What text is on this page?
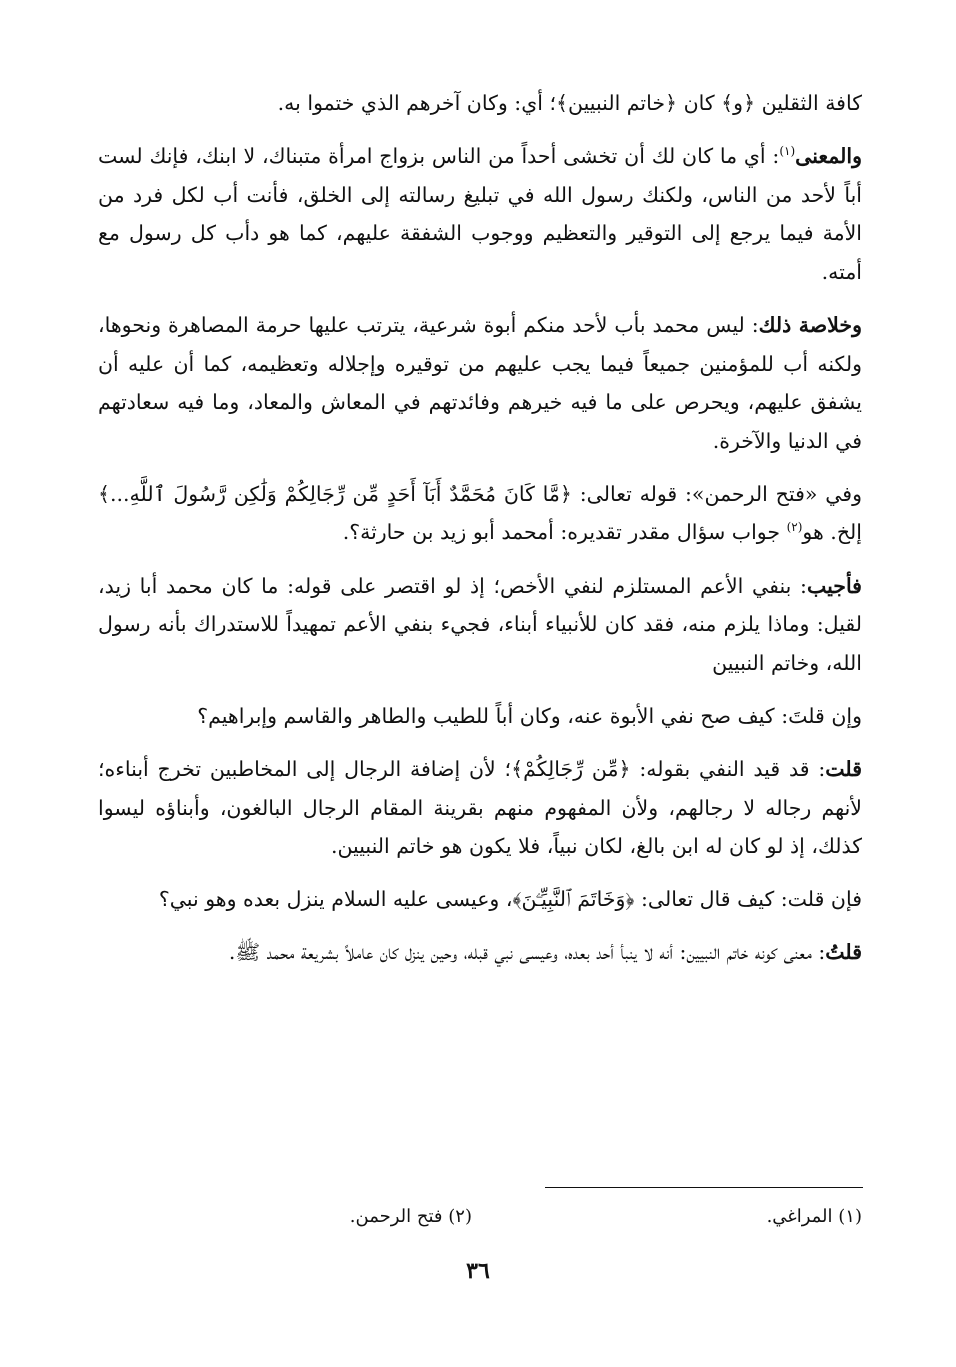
كافة الثقلين ﴿و﴾ كان ﴿خاتم النبيين﴾؛ أي: وكان آخرهم الذي ختموا به.

والمعنى$^{(١)}$: أي ما كان لك أن تخشى أحداً من الناس بزواج امرأة متبناك، لا ابنك، فإنك لست أباً لأحد من الناس، ولكنك رسول الله في تبليغ رسالته إلى الخلق، فأنت أب لكل فرد من الأمة فيما يرجع إلى التوقير والتعظيم ووجوب الشفقة عليهم، كما هو دأب كل رسول مع أمته.

وخلاصة ذلك: ليس محمد بأب لأحد منكم أبوة شرعية، يترتب عليها حرمة المصاهرة ونحوها، ولكنه أب للمؤمنين جميعاً فيما يجب عليهم من توقيره وإجلاله وتعظيمه، كما أن عليه أن يشفق عليهم، ويحرص على ما فيه خيرهم وفائدتهم في المعاش والمعاد، وما فيه سعادتهم في الدنيا والآخرة.

وفي «فتح الرحمن»: قوله تعالى: ﴿مَّا كَانَ مُحَمَّدٌ أَبَآ أَحَدٍ مِّن رِّجَالِكُمْ وَلَٰكِن رَّسُولَ ٱللَّهِ...﴾ إلخ. هو$^{(٢)}$ جواب سؤال مقدر تقديره: أمحمد أبو زيد بن حارثة؟.

فأجيب: بنفي الأعم المستلزم لنفي الأخص؛ إذ لو اقتصر على قوله: ما كان محمد أبا زيد، لقيل: وماذا يلزم منه، فقد كان للأنبياء أبناء، فجيء بنفي الأعم تمهيداً للاستدراك بأنه رسول الله، وخاتم النبيين

وإن قلتَ: كيف صح نفي الأبوة عنه، وكان أباً للطيب والطاهر والقاسم وإبراهيم؟

قلت: قد قيد النفي بقوله: ﴿مِّن رِّجَالِكُمْ﴾؛ لأن إضافة الرجال إلى المخاطبين تخرج أبناءه؛ لأنهم رجاله لا رجالهم، ولأن المفهوم منهم بقرينة المقام الرجال البالغون، وأبناؤه ليسوا كذلك، إذ لو كان له ابن بالغ، لكان نبياً، فلا يكون هو خاتم النبيين.

فإن قلت: كيف قال تعالى: ﴿وَخَاتَمَ ٱلنَّبِيِّـۧنَ﴾، وعيسى عليه السلام ينزل بعده وهو نبي؟

قلتُ: معنى كونه خاتم النبيين: أنه لا ينبأ أحد بعده، وعيسى نبي قبله، وحين ينزل كان عاملاً بشريعة محمد ﷺ.

(١) المراغي.
(٢) فتح الرحمن.
٣٦
